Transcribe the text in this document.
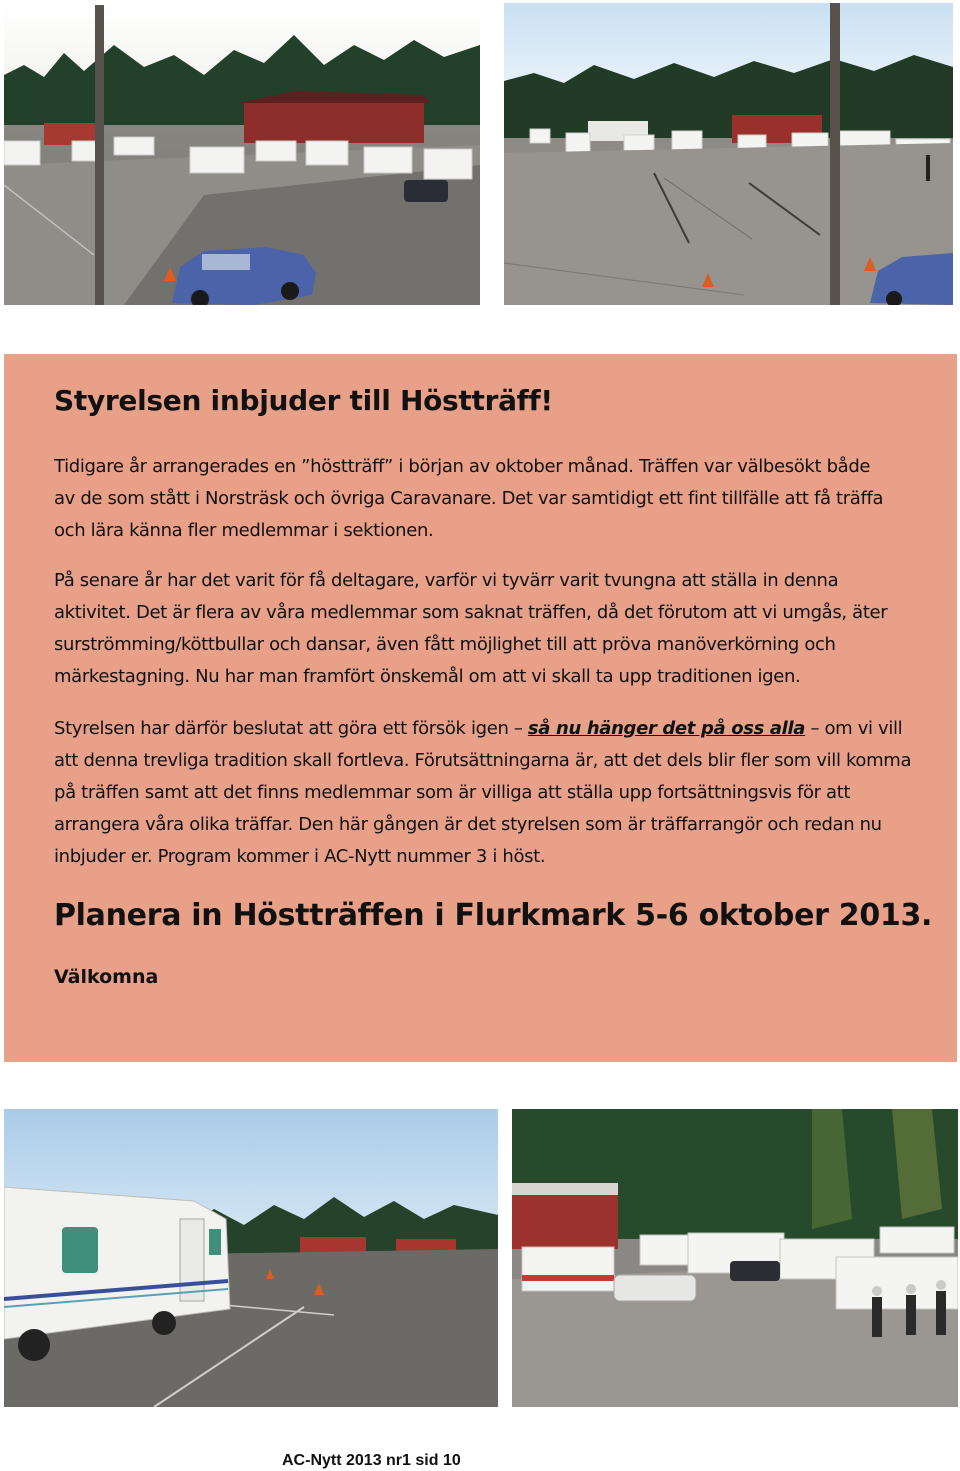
Styrelsen inbjuder till Höstträff!

Tidigare år arrangerades en ”höstträff” i början av oktober månad. Träffen var välbesökt både av de som stått i Norsträsk och övriga Caravanare. Det var samtidigt ett fint tillfälle att få träffa och lära känna fler medlemmar i sektionen.

På senare år har det varit för få deltagare, varför vi tyvärr varit tvungna att ställa in denna aktivitet. Det är flera av våra medlemmar som saknat träffen, då det förutom att vi umgås, äter surströmming/köttbullar och dansar, även fått möjlighet till att pröva manöverkörning och märkestagning. Nu har man framfört önskemål om att vi skall ta upp traditionen igen.

Styrelsen har därför beslutat att göra ett försök igen – så nu hänger det på oss alla – om vi vill att denna trevliga tradition skall fortleva. Förutsättningarna är, att det dels blir fler som vill komma på träffen samt att det finns medlemmar som är villiga att ställa upp fortsättningsvis för att arrangera våra olika träffar. Den här gången är det styrelsen som är träffarrangör och redan nu inbjuder er. Program kommer i AC-Nytt nummer 3 i höst.

Planera in Höstträffen i Flurkmark 5-6 oktober 2013.

Välkomna

AC-Nytt 2013 nr1 sid 10
